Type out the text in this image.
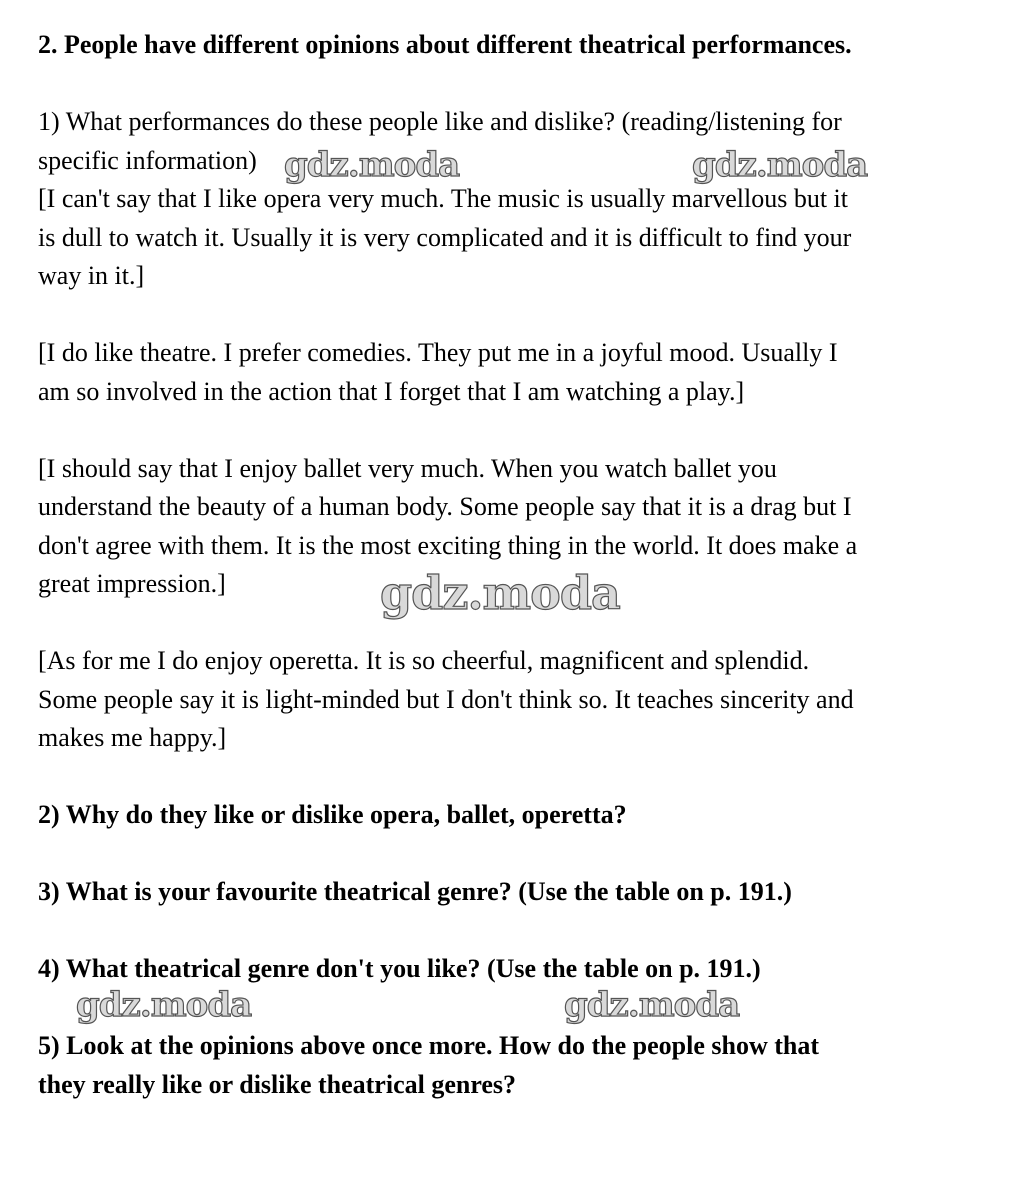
2. People have different opinions about different theatrical performances.

1) What performances do these people like and dislike? (reading/listening for

specific information)

[I can't say that I like opera very much. The music is usually marvellous but it

is dull to watch it. Usually it is very complicated and it is difficult to find your

way in it.]

[I do like theatre. I prefer comedies. They put me in a joyful mood. Usually I

am so involved in the action that I forget that I am watching a play.]

[I should say that I enjoy ballet very much. When you watch ballet you

understand the beauty of a human body. Some people say that it is a drag but I

don't agree with them. It is the most exciting thing in the world. It does make a

great impression.]

[As for me I do enjoy operetta. It is so cheerful, magnificent and splendid.

Some people say it is light-minded but I don't think so. It teaches sincerity and

makes me happy.]

2) Why do they like or dislike opera, ballet, operetta?

3) What is your favourite theatrical genre? (Use the table on p. 191.)

4) What theatrical genre don't you like? (Use the table on p. 191.)

5) Look at the opinions above once more. How do the people show that

they really like or dislike theatrical genres?

gdz.moda	gdz.moda
gdz.moda
gdz.moda	gdz.moda
